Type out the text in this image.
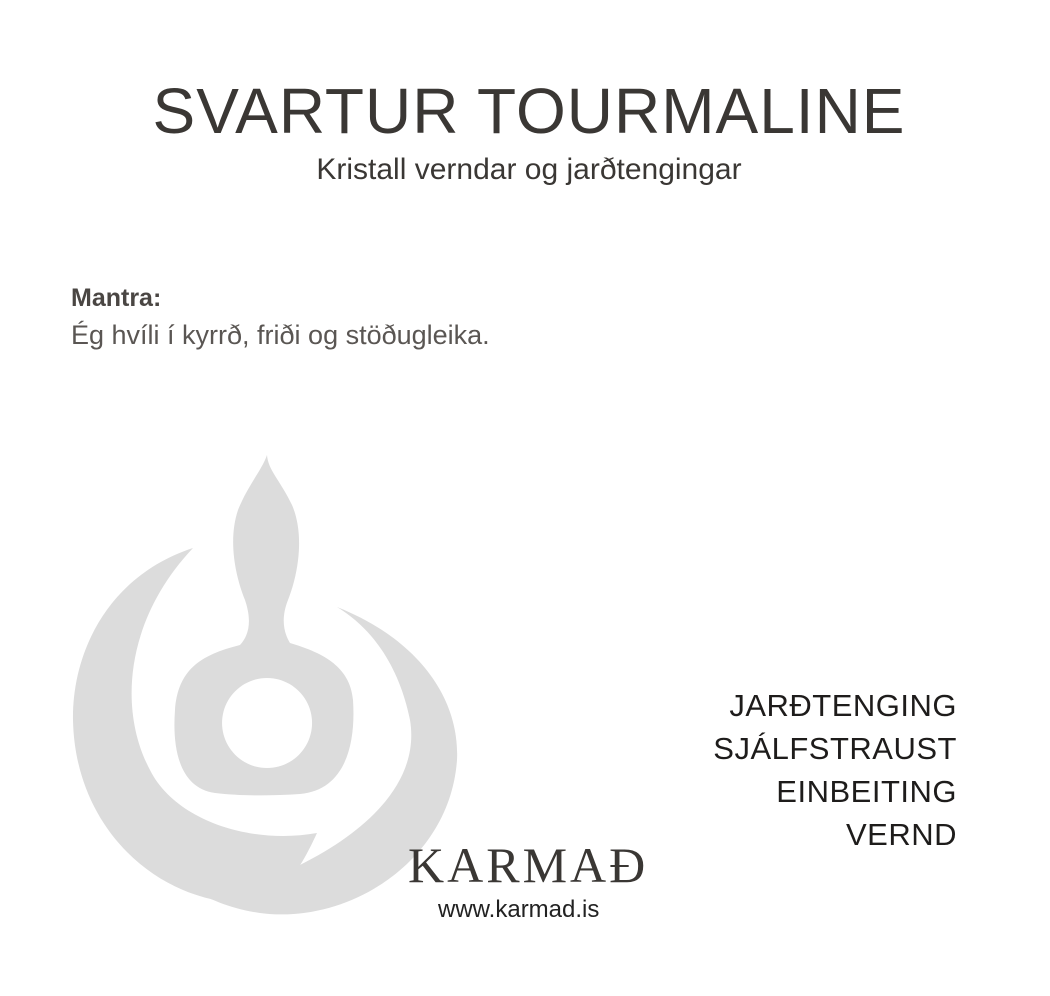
SVARTUR TOURMALINE
Kristall verndar og jarðtengingar
Mantra:
Ég hvíli í kyrrð, friði og stöðugleika.
JARÐTENGING
SJÁLFSTRAUST
EINBEITING
VERND
KARMAÐ
www.karmad.is
